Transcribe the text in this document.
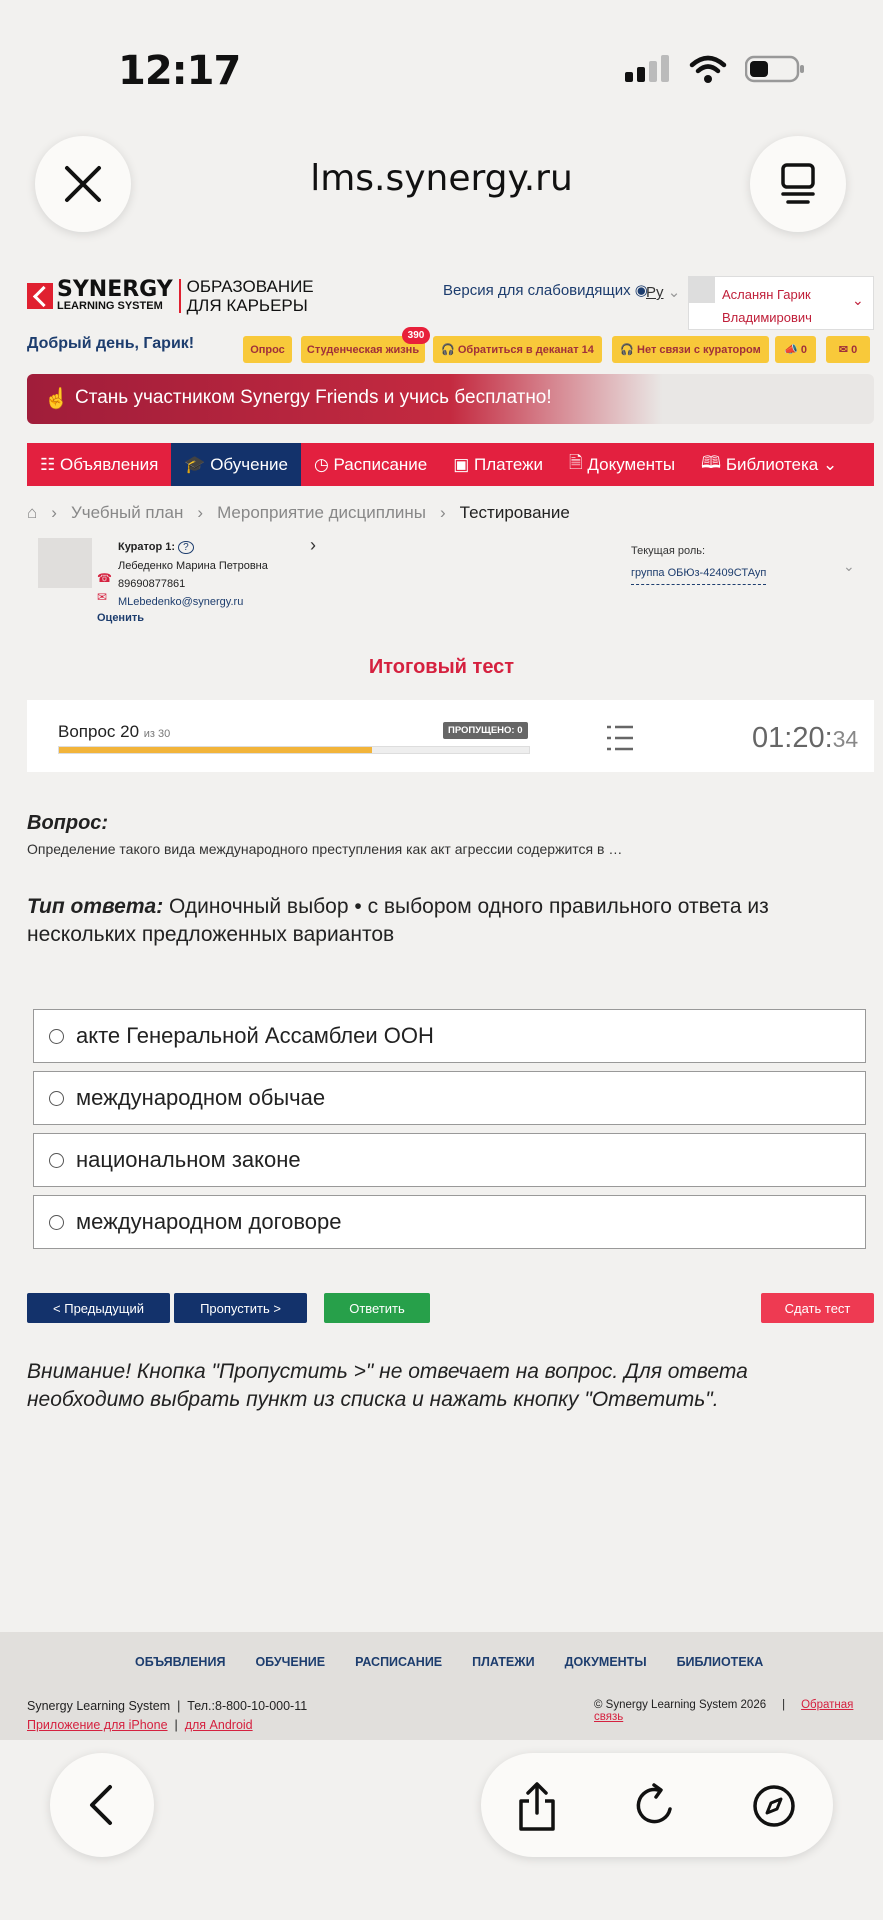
12:17
lms.synergy.ru
SYNERGY
LEARNING SYSTEM
ОБРАЗОВАНИЕ
ДЛЯ КАРЬЕРЫ
Версия для слабовидящих ◉
Ру ⌄	Асланян Гарик
Владимирович
⌄
Добрый день, Гарик!	Опрос	Студенческая жизнь
390
🎧 Обратиться в деканат 14 🎧 Нет связи с куратором 📣 0	✉ 0
☝ Стань участником Synergy Friends и учись бесплатно!
☷ Объявления 🎓 Обучение ◷ Расписание ▣ Платежи 🗎 Документы 🕮 Библиотека ⌄
⌂ › Учебный план › Мероприятие дисциплины › Тестирование
Куратор 1: ?
Лебеденко Марина Петровна
89690877861
MLebedenko@synergy.ru
☎
✉
Оценить
›	Текущая роль:
группа ОБЮз-42409СТАуп	⌄
Итоговый тест
Вопрос 20 из 30	ПРОПУЩЕНО: 0	01:20:34
Вопрос:
Определение такого вида международного преступления как акт агрессии содержится в …
Тип ответа: Одиночный выбор • с выбором одного правильного ответа из нескольких предложенных вариантов
акте Генеральной Ассамблеи ООН
международном обычае
национальном законе
международном договоре
< Предыдущий	Пропустить >	Ответить	Сдать тест
Внимание! Кнопка "Пропустить >" не отвечает на вопрос. Для ответа необходимо выбрать пункт из списка и нажать кнопку "Ответить".
ОБЪЯВЛЕНИЯ ОБУЧЕНИЕ РАСПИСАНИЕ ПЛАТЕЖИ ДОКУМЕНТЫ БИБЛИОТЕКА
Synergy Learning System  |  Тел.:8-800-10-000-11
Приложение для iPhone  |  для Android
© Synergy Learning System 2026     |     Обратная связь
